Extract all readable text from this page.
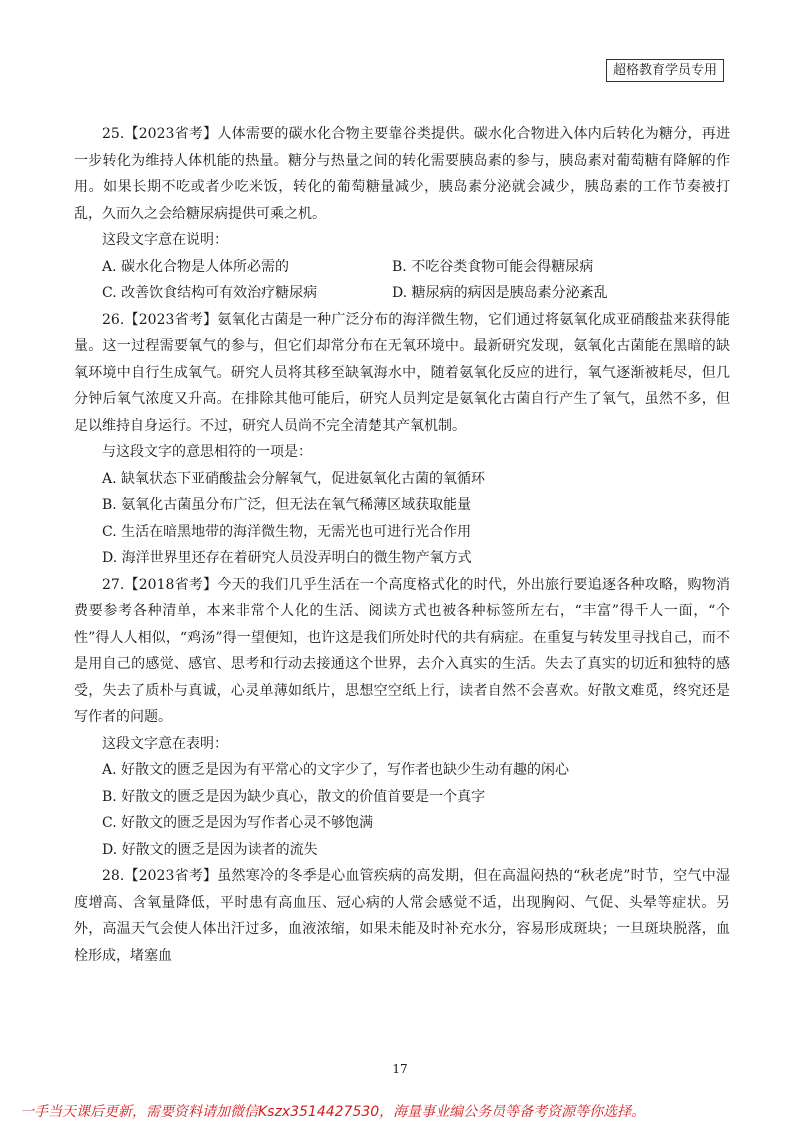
超格教育学员专用

25.【2023省考】人体需要的碳水化合物主要靠谷类提供。碳水化合物进入体内后转化为糖分，再进一步转化为维持人体机能的热量。糖分与热量之间的转化需要胰岛素的参与，胰岛素对葡萄糖有降解的作用。如果长期不吃或者少吃米饭，转化的葡萄糖量减少，胰岛素分泌就会减少，胰岛素的工作节奏被打乱，久而久之会给糖尿病提供可乘之机。

这段文字意在说明：

A. 碳水化合物是人体所必需的	B. 不吃谷类食物可能会得糖尿病
C. 改善饮食结构可有效治疗糖尿病	D. 糖尿病的病因是胰岛素分泌紊乱

26.【2023省考】氨氧化古菌是一种广泛分布的海洋微生物，它们通过将氨氧化成亚硝酸盐来获得能量。这一过程需要氧气的参与，但它们却常分布在无氧环境中。最新研究发现，氨氧化古菌能在黑暗的缺氧环境中自行生成氧气。研究人员将其移至缺氧海水中，随着氨氧化反应的进行，氧气逐渐被耗尽，但几分钟后氧气浓度又升高。在排除其他可能后，研究人员判定是氨氧化古菌自行产生了氧气，虽然不多，但足以维持自身运行。不过，研究人员尚不完全清楚其产氧机制。

与这段文字的意思相符的一项是：

A. 缺氧状态下亚硝酸盐会分解氧气，促进氨氧化古菌的氧循环

B. 氨氧化古菌虽分布广泛，但无法在氧气稀薄区域获取能量

C. 生活在暗黑地带的海洋微生物，无需光也可进行光合作用

D. 海洋世界里还存在着研究人员没弄明白的微生物产氧方式

27.【2018省考】今天的我们几乎生活在一个高度格式化的时代，外出旅行要追逐各种攻略，购物消费要参考各种清单，本来非常个人化的生活、阅读方式也被各种标签所左右，“丰富”得千人一面，“个性”得人人相似，“鸡汤”得一望便知，也许这是我们所处时代的共有病症。在重复与转发里寻找自己，而不是用自己的感觉、感官、思考和行动去接通这个世界，去介入真实的生活。失去了真实的切近和独特的感受，失去了质朴与真诚，心灵单薄如纸片，思想空空纸上行，读者自然不会喜欢。好散文难觅，终究还是写作者的问题。

这段文字意在表明：

A. 好散文的匮乏是因为有平常心的文字少了，写作者也缺少生动有趣的闲心

B. 好散文的匮乏是因为缺少真心，散文的价值首要是一个真字

C. 好散文的匮乏是因为写作者心灵不够饱满

D. 好散文的匮乏是因为读者的流失

28.【2023省考】虽然寒冷的冬季是心血管疾病的高发期，但在高温闷热的“秋老虎”时节，空气中湿度增高、含氧量降低，平时患有高血压、冠心病的人常会感觉不适，出现胸闷、气促、头晕等症状。另外，高温天气会使人体出汗过多，血液浓缩，如果未能及时补充水分，容易形成斑块；一旦斑块脱落，血栓形成，堵塞血

17
一手当天课后更新，需要资料请加微信Kszx3514427530，海量事业编公务员等备考资源等你选择。
